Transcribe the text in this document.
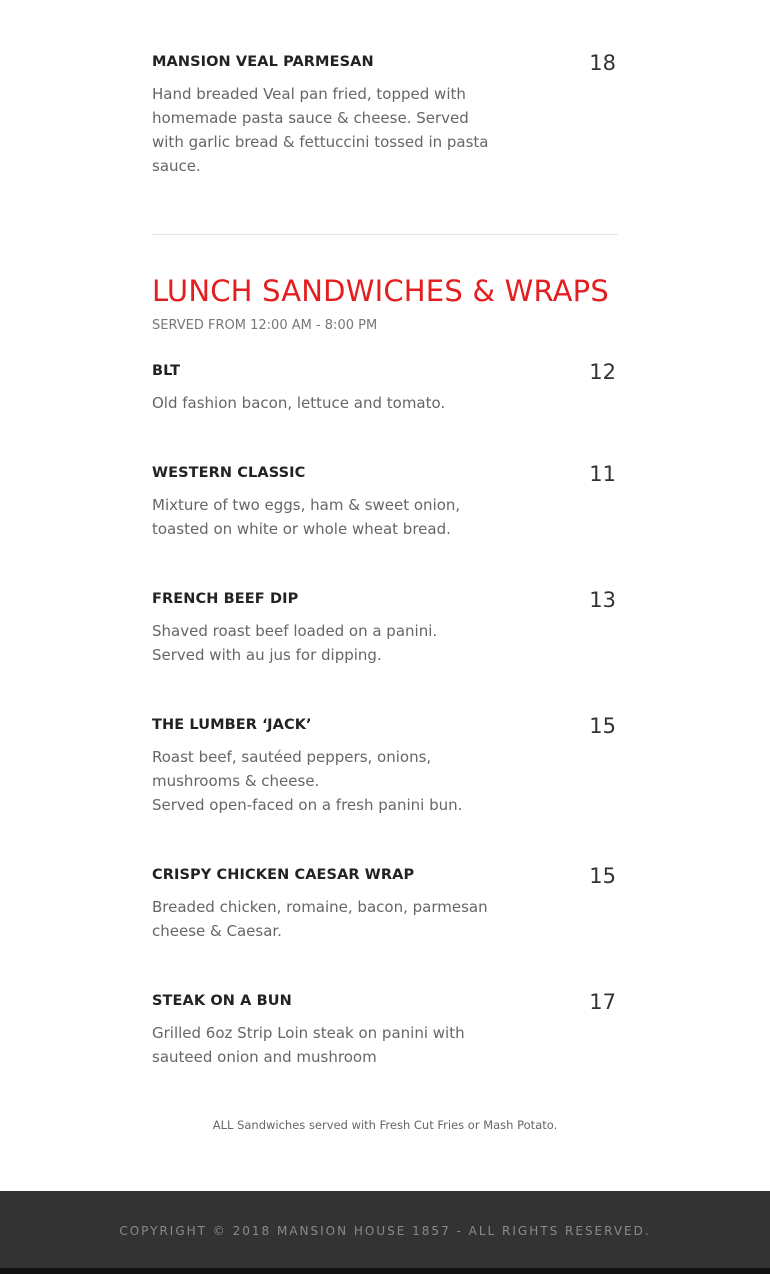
MANSION VEAL PARMESAN	18
Hand breaded Veal pan fried, topped with homemade pasta sauce & cheese. Served with garlic bread & fettuccini tossed in pasta sauce.
LUNCH SANDWICHES & WRAPS
SERVED FROM 12:00 AM - 8:00 PM
BLT	12
Old fashion bacon, lettuce and tomato.
WESTERN CLASSIC	11
Mixture of two eggs, ham & sweet onion, toasted on white or whole wheat bread.
FRENCH BEEF DIP	13
Shaved roast beef loaded on a panini. Served with au jus for dipping.
THE LUMBER ‘JACK’	15
Roast beef, sautéed peppers, onions, mushrooms & cheese.
Served open-faced on a fresh panini bun.
CRISPY CHICKEN CAESAR WRAP	15
Breaded chicken, romaine, bacon, parmesan cheese & Caesar.
STEAK ON A BUN	17
Grilled 6oz Strip Loin steak on panini with sauteed onion and mushroom
ALL Sandwiches served with Fresh Cut Fries or Mash Potato.
COPYRIGHT © 2018 MANSION HOUSE 1857 - ALL RIGHTS RESERVED.
